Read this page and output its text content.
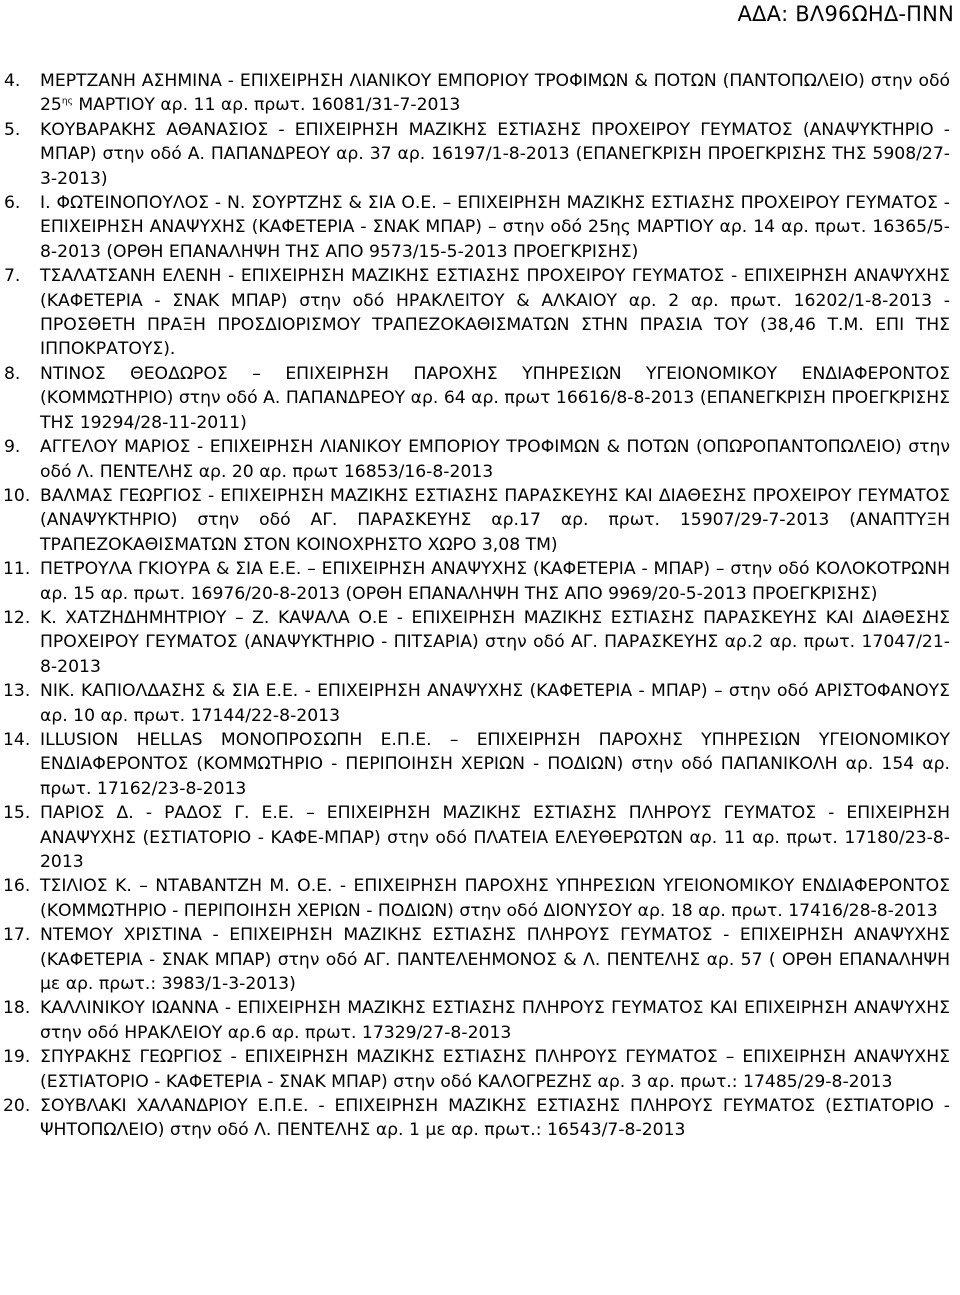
ΑΔΑ: ΒΛ96ΩΗΔ-ΠΝΝ
4.	ΜΕΡΤΖΑΝΗ ΑΣΗΜΙΝΑ - ΕΠΙΧΕΙΡΗΣΗ ΛΙΑΝΙΚΟΥ ΕΜΠΟΡΙΟΥ ΤΡΟΦΙΜΩΝ & ΠΟΤΩΝ (ΠΑΝΤΟΠΩΛΕΙΟ) στην οδό $25^{\eta\varsigma}$ ΜΑΡΤΙΟΥ αρ. 11 αρ. πρωτ. 16081/31-7-2013
5.	ΚΟΥΒΑΡΑΚΗΣ ΑΘΑΝΑΣΙΟΣ - ΕΠΙΧΕΙΡΗΣΗ ΜΑΖΙΚΗΣ ΕΣΤΙΑΣΗΣ ΠΡΟΧΕΙΡΟΥ ΓΕΥΜΑΤΟΣ (ΑΝΑΨΥΚΤΗΡΙΟ - ΜΠΑΡ) στην οδό Α. ΠΑΠΑΝΔΡΕΟΥ αρ. 37 αρ. 16197/1-8-2013 (ΕΠΑΝΕΓΚΡΙΣΗ ΠΡΟΕΓΚΡΙΣΗΣ ΤΗΣ 5908/27-3-2013)
6.	Ι. ΦΩΤΕΙΝΟΠΟΥΛΟΣ - Ν. ΣΟΥΡΤΖΗΣ & ΣΙΑ Ο.Ε. – ΕΠΙΧΕΙΡΗΣΗ ΜΑΖΙΚΗΣ ΕΣΤΙΑΣΗΣ ΠΡΟΧΕΙΡΟΥ ΓΕΥΜΑΤΟΣ - ΕΠΙΧΕΙΡΗΣΗ ΑΝΑΨΥΧΗΣ (ΚΑΦΕΤΕΡΙΑ - ΣΝΑΚ ΜΠΑΡ) – στην οδό 25ης ΜΑΡΤΙΟΥ αρ. 14 αρ. πρωτ. 16365/5-8-2013 (ΟΡΘΗ ΕΠΑΝΑΛΗΨΗ ΤΗΣ ΑΠΟ 9573/15-5-2013 ΠΡΟΕΓΚΡΙΣΗΣ)
7.	ΤΣΑΛΑΤΣΑΝΗ ΕΛΕΝΗ - ΕΠΙΧΕΙΡΗΣΗ ΜΑΖΙΚΗΣ ΕΣΤΙΑΣΗΣ ΠΡΟΧΕΙΡΟΥ ΓΕΥΜΑΤΟΣ - ΕΠΙΧΕΙΡΗΣΗ ΑΝΑΨΥΧΗΣ (ΚΑΦΕΤΕΡΙΑ - ΣΝΑΚ ΜΠΑΡ) στην οδό ΗΡΑΚΛΕΙΤΟΥ & ΑΛΚΑΙΟΥ αρ. 2 αρ. πρωτ. 16202/1-8-2013 - ΠΡΟΣΘΕΤΗ ΠΡΑΞΗ ΠΡΟΣΔΙΟΡΙΣΜΟΥ ΤΡΑΠΕΖΟΚΑΘΙΣΜΑΤΩΝ ΣΤΗΝ ΠΡΑΣΙΑ ΤΟΥ (38,46 Τ.Μ. ΕΠΙ ΤΗΣ ΙΠΠΟΚΡΑΤΟΥΣ).
8.	ΝΤΙΝΟΣ ΘΕΟΔΩΡΟΣ – ΕΠΙΧΕΙΡΗΣΗ ΠΑΡΟΧΗΣ ΥΠΗΡΕΣΙΩΝ ΥΓΕΙΟΝΟΜΙΚΟΥ ΕΝΔΙΑΦΕΡΟΝΤΟΣ (ΚΟΜΜΩΤΗΡΙΟ) στην οδό Α. ΠΑΠΑΝΔΡΕΟΥ αρ. 64 αρ. πρωτ 16616/8-8-2013 (ΕΠΑΝΕΓΚΡΙΣΗ ΠΡΟΕΓΚΡΙΣΗΣ ΤΗΣ 19294/28-11-2011)
9.	ΑΓΓΕΛΟΥ ΜΑΡΙΟΣ - ΕΠΙΧΕΙΡΗΣΗ ΛΙΑΝΙΚΟΥ ΕΜΠΟΡΙΟΥ ΤΡΟΦΙΜΩΝ & ΠΟΤΩΝ (ΟΠΩΡΟΠΑΝΤΟΠΩΛΕΙΟ) στην οδό Λ. ΠΕΝΤΕΛΗΣ αρ. 20 αρ. πρωτ 16853/16-8-2013
10. ΒΑΛΜΑΣ ΓΕΩΡΓΙΟΣ - ΕΠΙΧΕΙΡΗΣΗ ΜΑΖΙΚΗΣ ΕΣΤΙΑΣΗΣ ΠΑΡΑΣΚΕΥΗΣ ΚΑΙ ΔΙΑΘΕΣΗΣ ΠΡΟΧΕΙΡΟΥ ΓΕΥΜΑΤΟΣ (ΑΝΑΨΥΚΤΗΡΙΟ) στην οδό ΑΓ. ΠΑΡΑΣΚΕΥΗΣ αρ.17 αρ. πρωτ. 15907/29-7-2013 (ΑΝΑΠΤΥΞΗ ΤΡΑΠΕΖΟΚΑΘΙΣΜΑΤΩΝ ΣΤΟΝ ΚΟΙΝΟΧΡΗΣΤΟ ΧΩΡΟ 3,08 ΤΜ)
11. ΠΕΤΡΟΥΛΑ ΓΚΙΟΥΡΑ & ΣΙΑ Ε.Ε. – ΕΠΙΧΕΙΡΗΣΗ ΑΝΑΨΥΧΗΣ (ΚΑΦΕΤΕΡΙΑ - ΜΠΑΡ) – στην οδό ΚΟΛΟΚΟΤΡΩΝΗ αρ. 15 αρ. πρωτ. 16976/20-8-2013 (ΟΡΘΗ ΕΠΑΝΑΛΗΨΗ ΤΗΣ ΑΠΟ 9969/20-5-2013 ΠΡΟΕΓΚΡΙΣΗΣ)
12. Κ. ΧΑΤΖΗΔΗΜΗΤΡΙΟΥ – Ζ. ΚΑΨΑΛΑ Ο.Ε - ΕΠΙΧΕΙΡΗΣΗ ΜΑΖΙΚΗΣ ΕΣΤΙΑΣΗΣ ΠΑΡΑΣΚΕΥΗΣ ΚΑΙ ΔΙΑΘΕΣΗΣ ΠΡΟΧΕΙΡΟΥ ΓΕΥΜΑΤΟΣ (ΑΝΑΨΥΚΤΗΡΙΟ - ΠΙΤΣΑΡΙΑ) στην οδό ΑΓ. ΠΑΡΑΣΚΕΥΗΣ αρ.2 αρ. πρωτ. 17047/21-8-2013
13. ΝΙΚ. ΚΑΠΙΟΛΔΑΣΗΣ & ΣΙΑ Ε.Ε. - ΕΠΙΧΕΙΡΗΣΗ ΑΝΑΨΥΧΗΣ (ΚΑΦΕΤΕΡΙΑ - ΜΠΑΡ) – στην οδό ΑΡΙΣΤΟΦΑΝΟΥΣ αρ. 10 αρ. πρωτ. 17144/22-8-2013
14. ILLUSION HELLAS ΜΟΝΟΠΡΟΣΩΠΗ Ε.Π.Ε. – ΕΠΙΧΕΙΡΗΣΗ ΠΑΡΟΧΗΣ ΥΠΗΡΕΣΙΩΝ ΥΓΕΙΟΝΟΜΙΚΟΥ ΕΝΔΙΑΦΕΡΟΝΤΟΣ (ΚΟΜΜΩΤΗΡΙΟ - ΠΕΡΙΠΟΙΗΣΗ ΧΕΡΙΩΝ - ΠΟΔΙΩΝ) στην οδό ΠΑΠΑΝΙΚΟΛΗ αρ. 154 αρ. πρωτ. 17162/23-8-2013
15. ΠΑΡΙΟΣ Δ. - ΡΑΔΟΣ Γ. Ε.Ε. – ΕΠΙΧΕΙΡΗΣΗ ΜΑΖΙΚΗΣ ΕΣΤΙΑΣΗΣ ΠΛΗΡΟΥΣ ΓΕΥΜΑΤΟΣ - ΕΠΙΧΕΙΡΗΣΗ ΑΝΑΨΥΧΗΣ (ΕΣΤΙΑΤΟΡΙΟ - ΚΑΦΕ-ΜΠΑΡ) στην οδό ΠΛΑΤΕΙΑ ΕΛΕΥΘΕΡΩΤΩΝ αρ. 11 αρ. πρωτ. 17180/23-8-2013
16. ΤΣΙΛΙΟΣ Κ. – ΝΤΑΒΑΝΤΖΗ Μ. Ο.Ε. - ΕΠΙΧΕΙΡΗΣΗ ΠΑΡΟΧΗΣ ΥΠΗΡΕΣΙΩΝ ΥΓΕΙΟΝΟΜΙΚΟΥ ΕΝΔΙΑΦΕΡΟΝΤΟΣ (ΚΟΜΜΩΤΗΡΙΟ - ΠΕΡΙΠΟΙΗΣΗ ΧΕΡΙΩΝ - ΠΟΔΙΩΝ) στην οδό ΔΙΟΝΥΣΟΥ αρ. 18 αρ. πρωτ. 17416/28-8-2013
17. ΝΤΕΜΟΥ ΧΡΙΣΤΙΝΑ - ΕΠΙΧΕΙΡΗΣΗ ΜΑΖΙΚΗΣ ΕΣΤΙΑΣΗΣ ΠΛΗΡΟΥΣ ΓΕΥΜΑΤΟΣ - ΕΠΙΧΕΙΡΗΣΗ ΑΝΑΨΥΧΗΣ (ΚΑΦΕΤΕΡΙΑ - ΣΝΑΚ ΜΠΑΡ) στην οδό ΑΓ. ΠΑΝΤΕΛΕΗΜΟΝΟΣ & Λ. ΠΕΝΤΕΛΗΣ αρ. 57 ( ΟΡΘΗ ΕΠΑΝΑΛΗΨΗ με αρ. πρωτ.: 3983/1-3-2013)
18. ΚΑΛΛΙΝΙΚΟΥ ΙΩΑΝΝΑ - ΕΠΙΧΕΙΡΗΣΗ ΜΑΖΙΚΗΣ ΕΣΤΙΑΣΗΣ ΠΛΗΡΟΥΣ ΓΕΥΜΑΤΟΣ ΚΑΙ ΕΠΙΧΕΙΡΗΣΗ ΑΝΑΨΥΧΗΣ στην οδό ΗΡΑΚΛΕΙΟΥ αρ.6 αρ. πρωτ. 17329/27-8-2013
19. ΣΠΥΡΑΚΗΣ ΓΕΩΡΓΙΟΣ - ΕΠΙΧΕΙΡΗΣΗ ΜΑΖΙΚΗΣ ΕΣΤΙΑΣΗΣ ΠΛΗΡΟΥΣ ΓΕΥΜΑΤΟΣ – ΕΠΙΧΕΙΡΗΣΗ ΑΝΑΨΥΧΗΣ (ΕΣΤΙΑΤΟΡΙΟ - ΚΑΦΕΤΕΡΙΑ - ΣΝΑΚ ΜΠΑΡ) στην οδό ΚΑΛΟΓΡΕΖΗΣ αρ. 3 αρ. πρωτ.: 17485/29-8-2013
20. ΣΟΥΒΛΑΚΙ ΧΑΛΑΝΔΡΙΟΥ Ε.Π.Ε. - ΕΠΙΧΕΙΡΗΣΗ ΜΑΖΙΚΗΣ ΕΣΤΙΑΣΗΣ ΠΛΗΡΟΥΣ ΓΕΥΜΑΤΟΣ (ΕΣΤΙΑΤΟΡΙΟ - ΨΗΤΟΠΩΛΕΙΟ) στην οδό Λ. ΠΕΝΤΕΛΗΣ αρ. 1 με αρ. πρωτ.: 16543/7-8-2013
